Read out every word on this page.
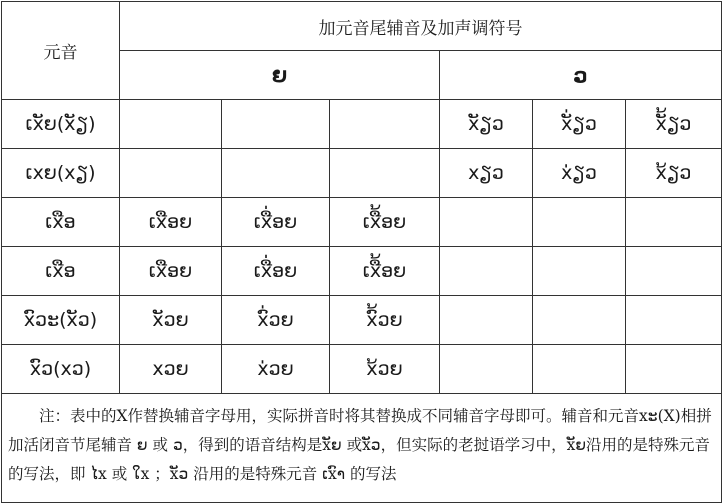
元音	加元音尾辅音及加声调符号					
	ຍ			ວ		
ເxັຍ(xັຽ)				xັຽວ	xັ່ຽວ	xັ້ຽວ
ເxຍ(xຽ)				xຽວ	x່ຽວ	x້ຽວ
ເxືອ	ເxືອຍ	ເxື່ອຍ	ເxື້ອຍ			
ເxືອ	ເxືອຍ	ເxື່ອຍ	ເxື້ອຍ			
xົວະ(xັວ)	xັວຍ	xົ່ວຍ	xົ້ວຍ			
xົວ(xວ)	xວຍ	x່ວຍ	x້ວຍ			

注：表中的X作替换辅音字母用，实际拼音时将其替换成不同辅音字母即可。辅音和元音xະ(X)相拼加活闭音节尾辅音 ຍ 或 ວ，得到的语音结构是xັຍ 或xັວ，但实际的老挝语学习中，xັຍ沿用的是特殊元音的写法，即 ໄx 或 ໃx ；xັວ 沿用的是特殊元音 ເxົາ 的写法						
